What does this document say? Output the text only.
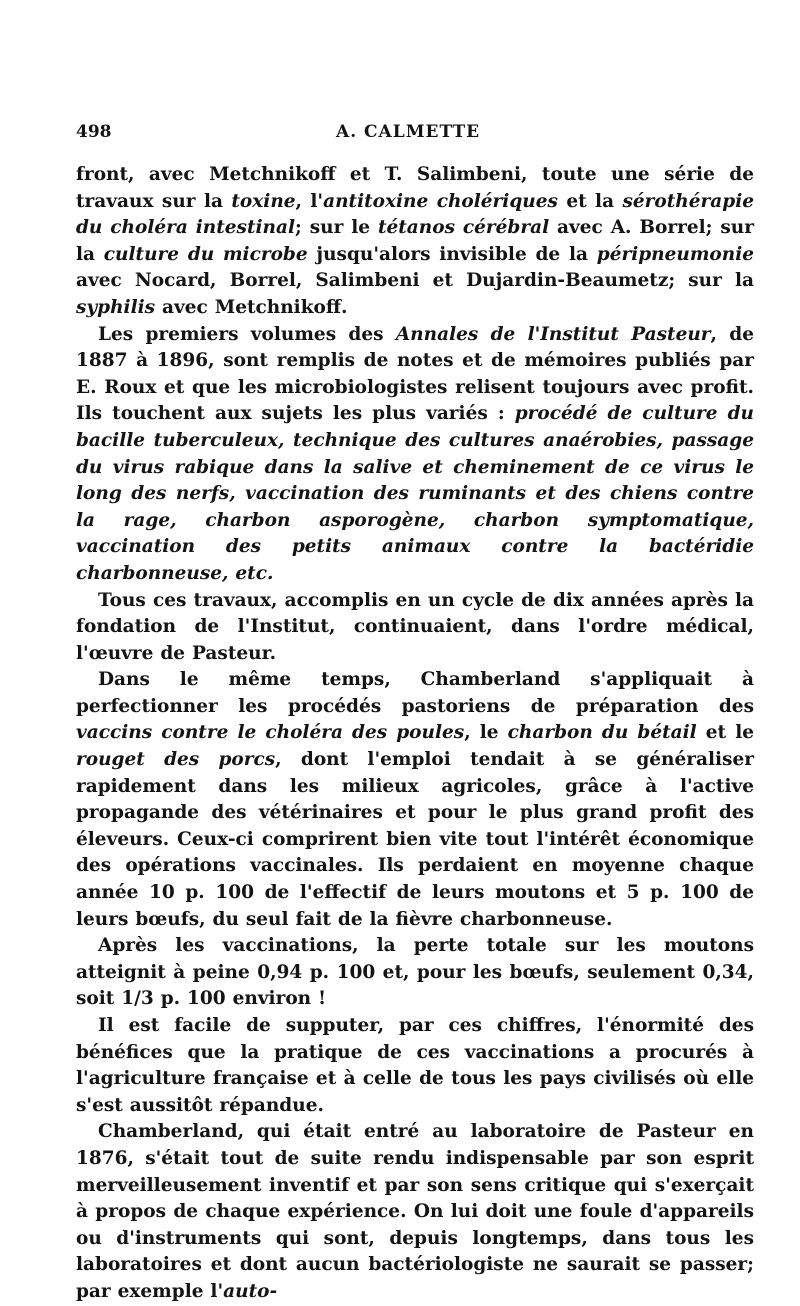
498	A. CALMETTE

front, avec Metchnikoff et T. Salimbeni, toute une série de travaux sur la toxine, l'antitoxine cholériques et la sérothérapie du choléra intestinal; sur le tétanos cérébral avec A. Borrel; sur la culture du microbe jusqu'alors invisible de la péripneumonie avec Nocard, Borrel, Salimbeni et Dujardin-Beaumetz; sur la syphilis avec Metchnikoff.

Les premiers volumes des Annales de l'Institut Pasteur, de 1887 à 1896, sont remplis de notes et de mémoires publiés par E. Roux et que les microbiologistes relisent toujours avec profit. Ils touchent aux sujets les plus variés : procédé de culture du bacille tuberculeux, technique des cultures anaérobies, passage du virus rabique dans la salive et cheminement de ce virus le long des nerfs, vaccination des ruminants et des chiens contre la rage, charbon asporogène, charbon symptomatique, vaccination des petits animaux contre la bactéridie charbonneuse, etc.

Tous ces travaux, accomplis en un cycle de dix années après la fondation de l'Institut, continuaient, dans l'ordre médical, l'œuvre de Pasteur.

Dans le même temps, Chamberland s'appliquait à perfectionner les procédés pastoriens de préparation des vaccins contre le choléra des poules, le charbon du bétail et le rouget des porcs, dont l'emploi tendait à se généraliser rapidement dans les milieux agricoles, grâce à l'active propagande des vétérinaires et pour le plus grand profit des éleveurs. Ceux-ci comprirent bien vite tout l'intérêt économique des opérations vaccinales. Ils perdaient en moyenne chaque année 10 p. 100 de l'effectif de leurs moutons et 5 p. 100 de leurs bœufs, du seul fait de la fièvre charbonneuse.

Après les vaccinations, la perte totale sur les moutons atteignit à peine 0,94 p. 100 et, pour les bœufs, seulement 0,34, soit 1/3 p. 100 environ !

Il est facile de supputer, par ces chiffres, l'énormité des bénéfices que la pratique de ces vaccinations a procurés à l'agriculture française et à celle de tous les pays civilisés où elle s'est aussitôt répandue.

Chamberland, qui était entré au laboratoire de Pasteur en 1876, s'était tout de suite rendu indispensable par son esprit merveilleusement inventif et par son sens critique qui s'exerçait à propos de chaque expérience. On lui doit une foule d'appareils ou d'instruments qui sont, depuis longtemps, dans tous les laboratoires et dont aucun bactériologiste ne saurait se passer; par exemple l'auto-
